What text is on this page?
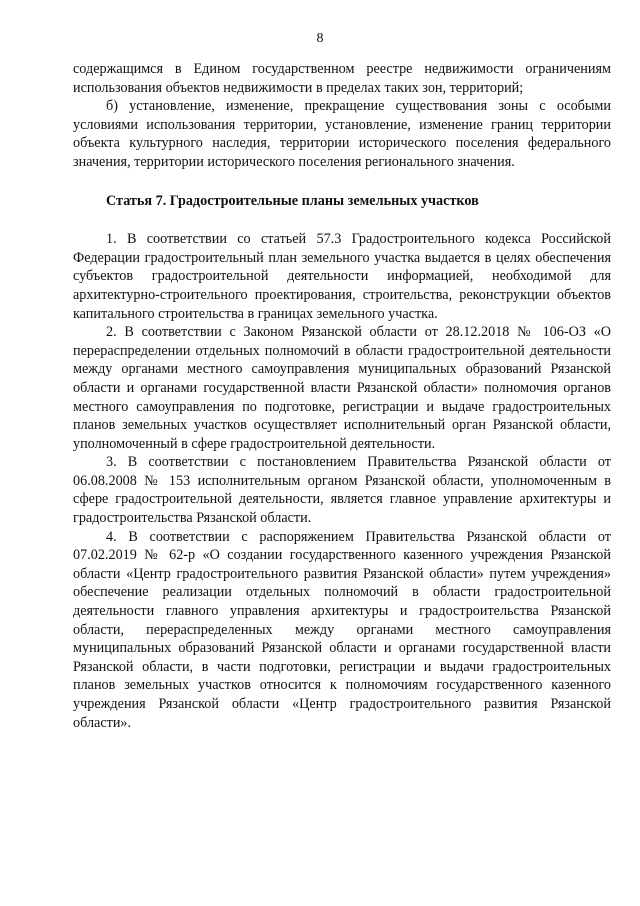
8

содержащимся в Едином государственном реестре недвижимости ограничениям использования объектов недвижимости в пределах таких зон, территорий;

б) установление, изменение, прекращение существования зоны с особыми условиями использования территории, установление, изменение границ территории объекта культурного наследия, территории исторического поселения федерального значения, территории исторического поселения регионального значения.

Статья 7. Градостроительные планы земельных участков

1. В соответствии со статьей 57.3 Градостроительного кодекса Российской Федерации градостроительный план земельного участка выдается в целях обеспечения субъектов градостроительной деятельности информацией, необходимой для архитектурно-строительного проектирования, строительства, реконструкции объектов капитального строительства в границах земельного участка.

2. В соответствии с Законом Рязанской области от 28.12.2018 № 106-ОЗ «О перераспределении отдельных полномочий в области градостроительной деятельности между органами местного самоуправления муниципальных образований Рязанской области и органами государственной власти Рязанской области» полномочия органов местного самоуправления по подготовке, регистрации и выдаче градостроительных планов земельных участков осуществляет исполнительный орган Рязанской области, уполномоченный в сфере градостроительной деятельности.

3. В соответствии с постановлением Правительства Рязанской области от 06.08.2008 № 153 исполнительным органом Рязанской области, уполномоченным в сфере градостроительной деятельности, является главное управление архитектуры и градостроительства Рязанской области.

4. В соответствии с распоряжением Правительства Рязанской области от 07.02.2019 № 62-р «О создании государственного казенного учреждения Рязанской области «Центр градостроительного развития Рязанской области» путем учреждения» обеспечение реализации отдельных полномочий в области градостроительной деятельности главного управления архитектуры и градостроительства Рязанской области, перераспределенных между органами местного самоуправления муниципальных образований Рязанской области и органами государственной власти Рязанской области, в части подготовки, регистрации и выдачи градостроительных планов земельных участков относится к полномочиям государственного казенного учреждения Рязанской области «Центр градостроительного развития Рязанской области».
